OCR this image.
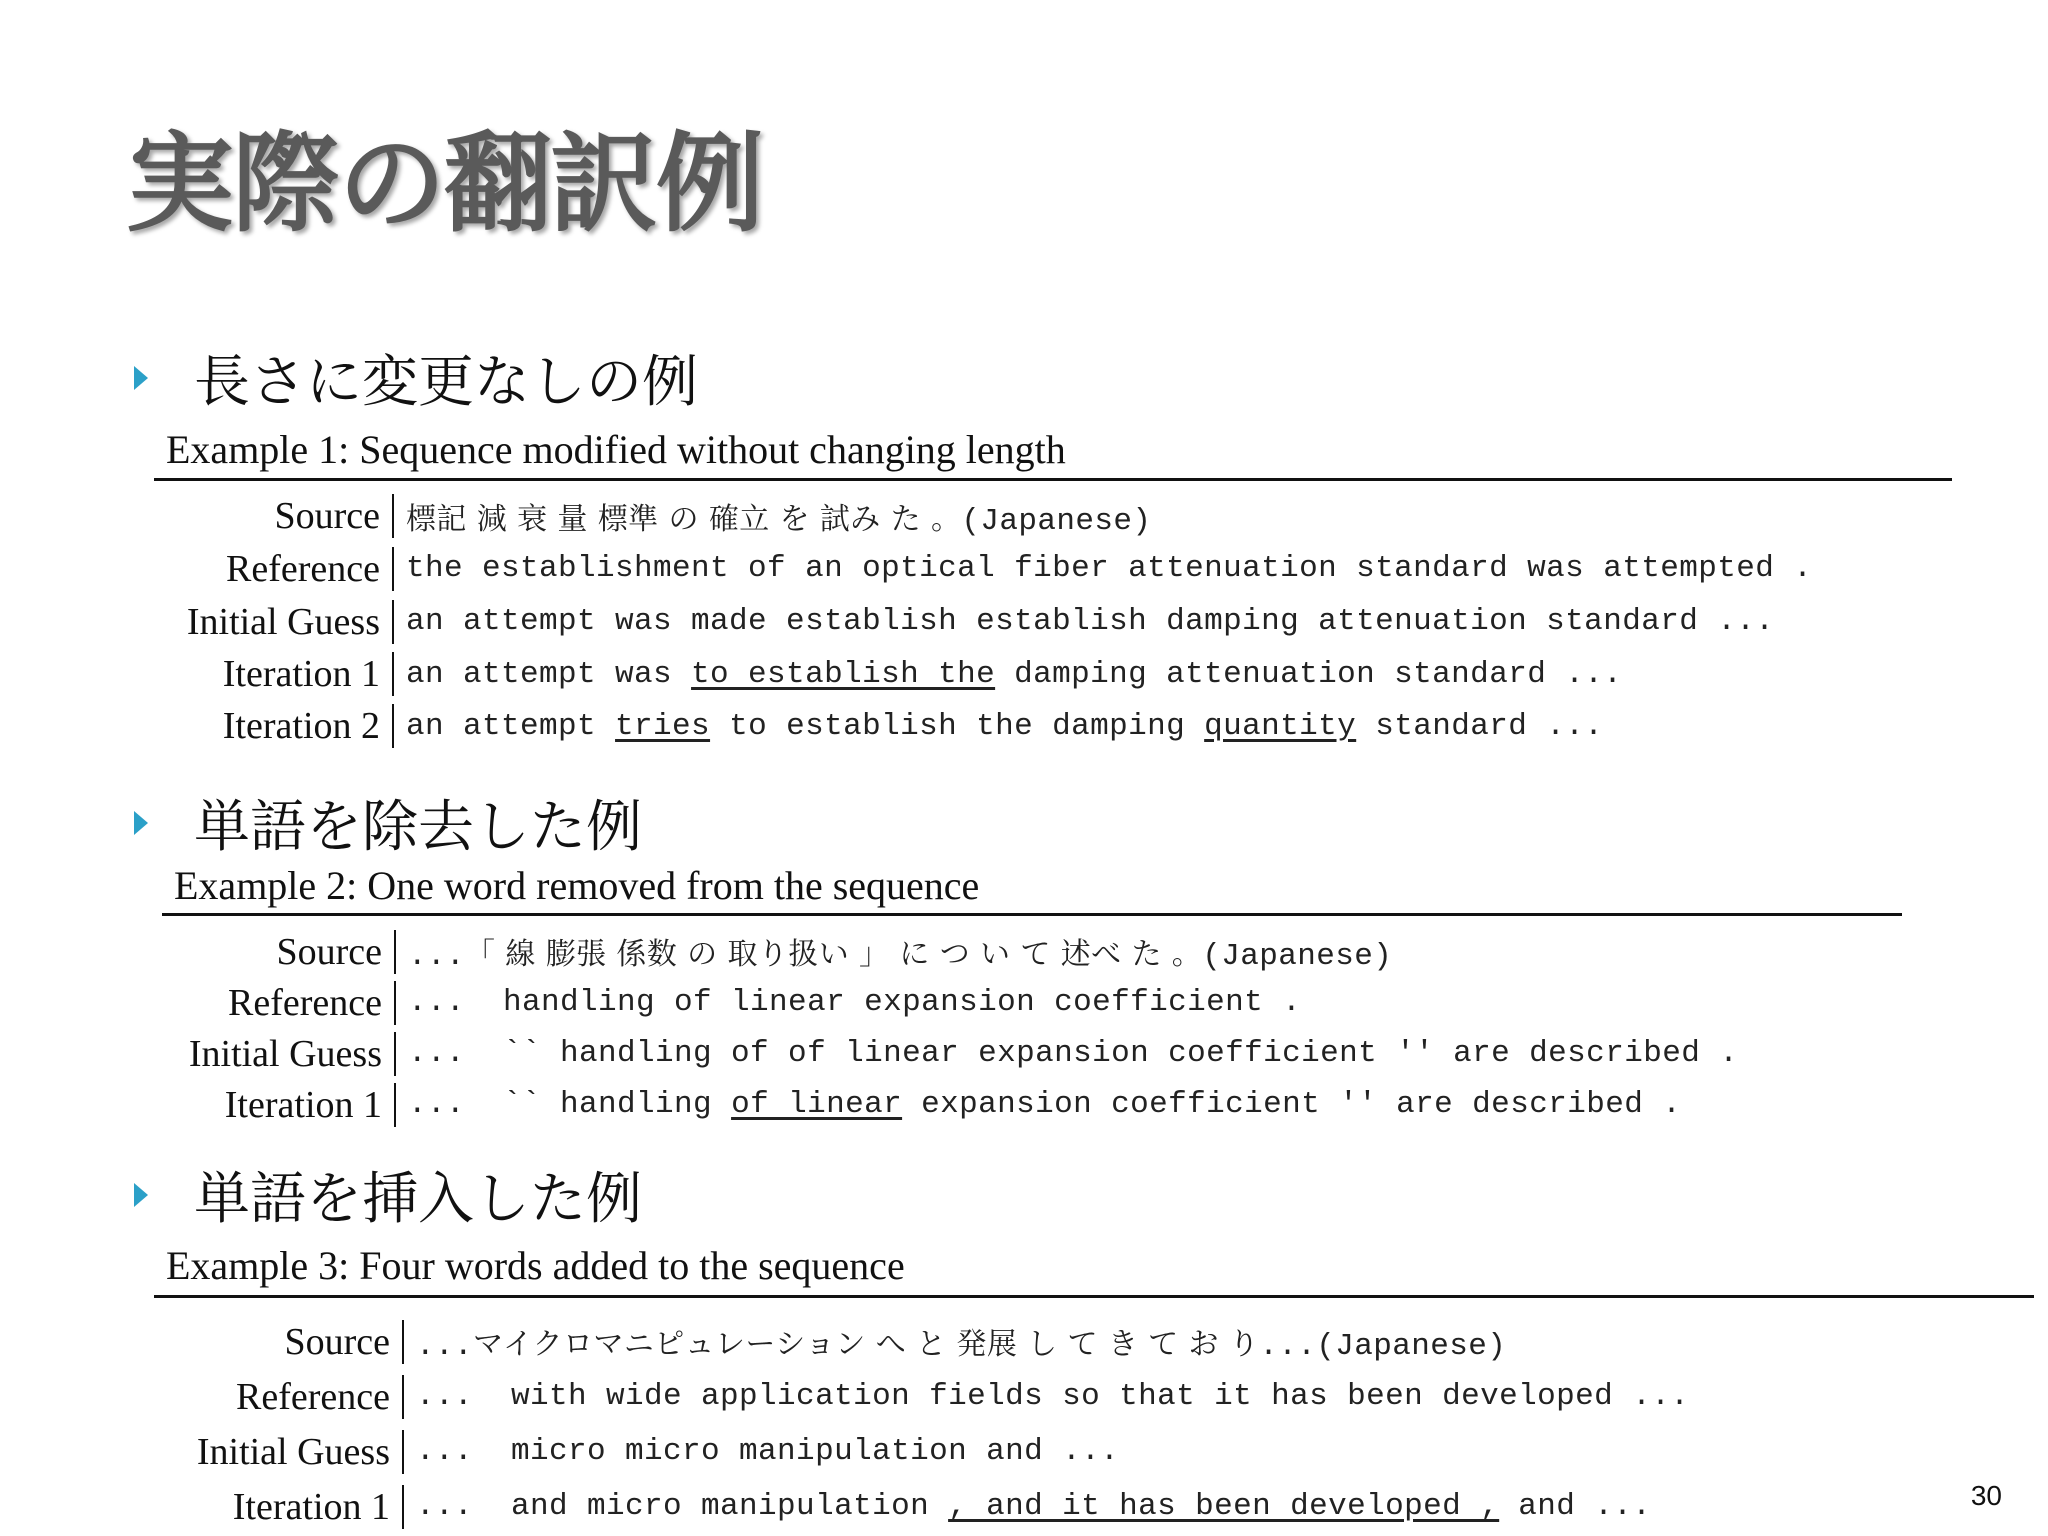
実際の翻訳例
長さに変更なしの例
Example 1: Sequence modified without changing length
Source 標記 減 衰 量 標準 の 確立 を 試み た 。(Japanese)
Reference the establishment of an optical fiber attenuation standard was attempted .
Initial Guess an attempt was made establish establish damping attenuation standard ...
Iteration 1 an attempt was to establish the damping attenuation standard ...
Iteration 2 an attempt tries to establish the damping quantity standard ...
単語を除去した例
Example 2: One word removed from the sequence
Source ...「 線 膨張 係数 の 取り扱い 」 に つ い て 述べ た 。(Japanese)
Reference ...  handling of linear expansion coefficient .
Initial Guess ...  `` handling of of linear expansion coefficient '' are described .
Iteration 1 ...  `` handling of linear expansion coefficient '' are described .
単語を挿入した例
Example 3: Four words added to the sequence
Source ...マイクロマニピュレーション へ と 発展 し て き て お り...(Japanese)
Reference ...  with wide application fields so that it has been developed ...
Initial Guess ...  micro micro manipulation and ...
Iteration 1 ...  and micro manipulation , and it has been developed , and ...	30
